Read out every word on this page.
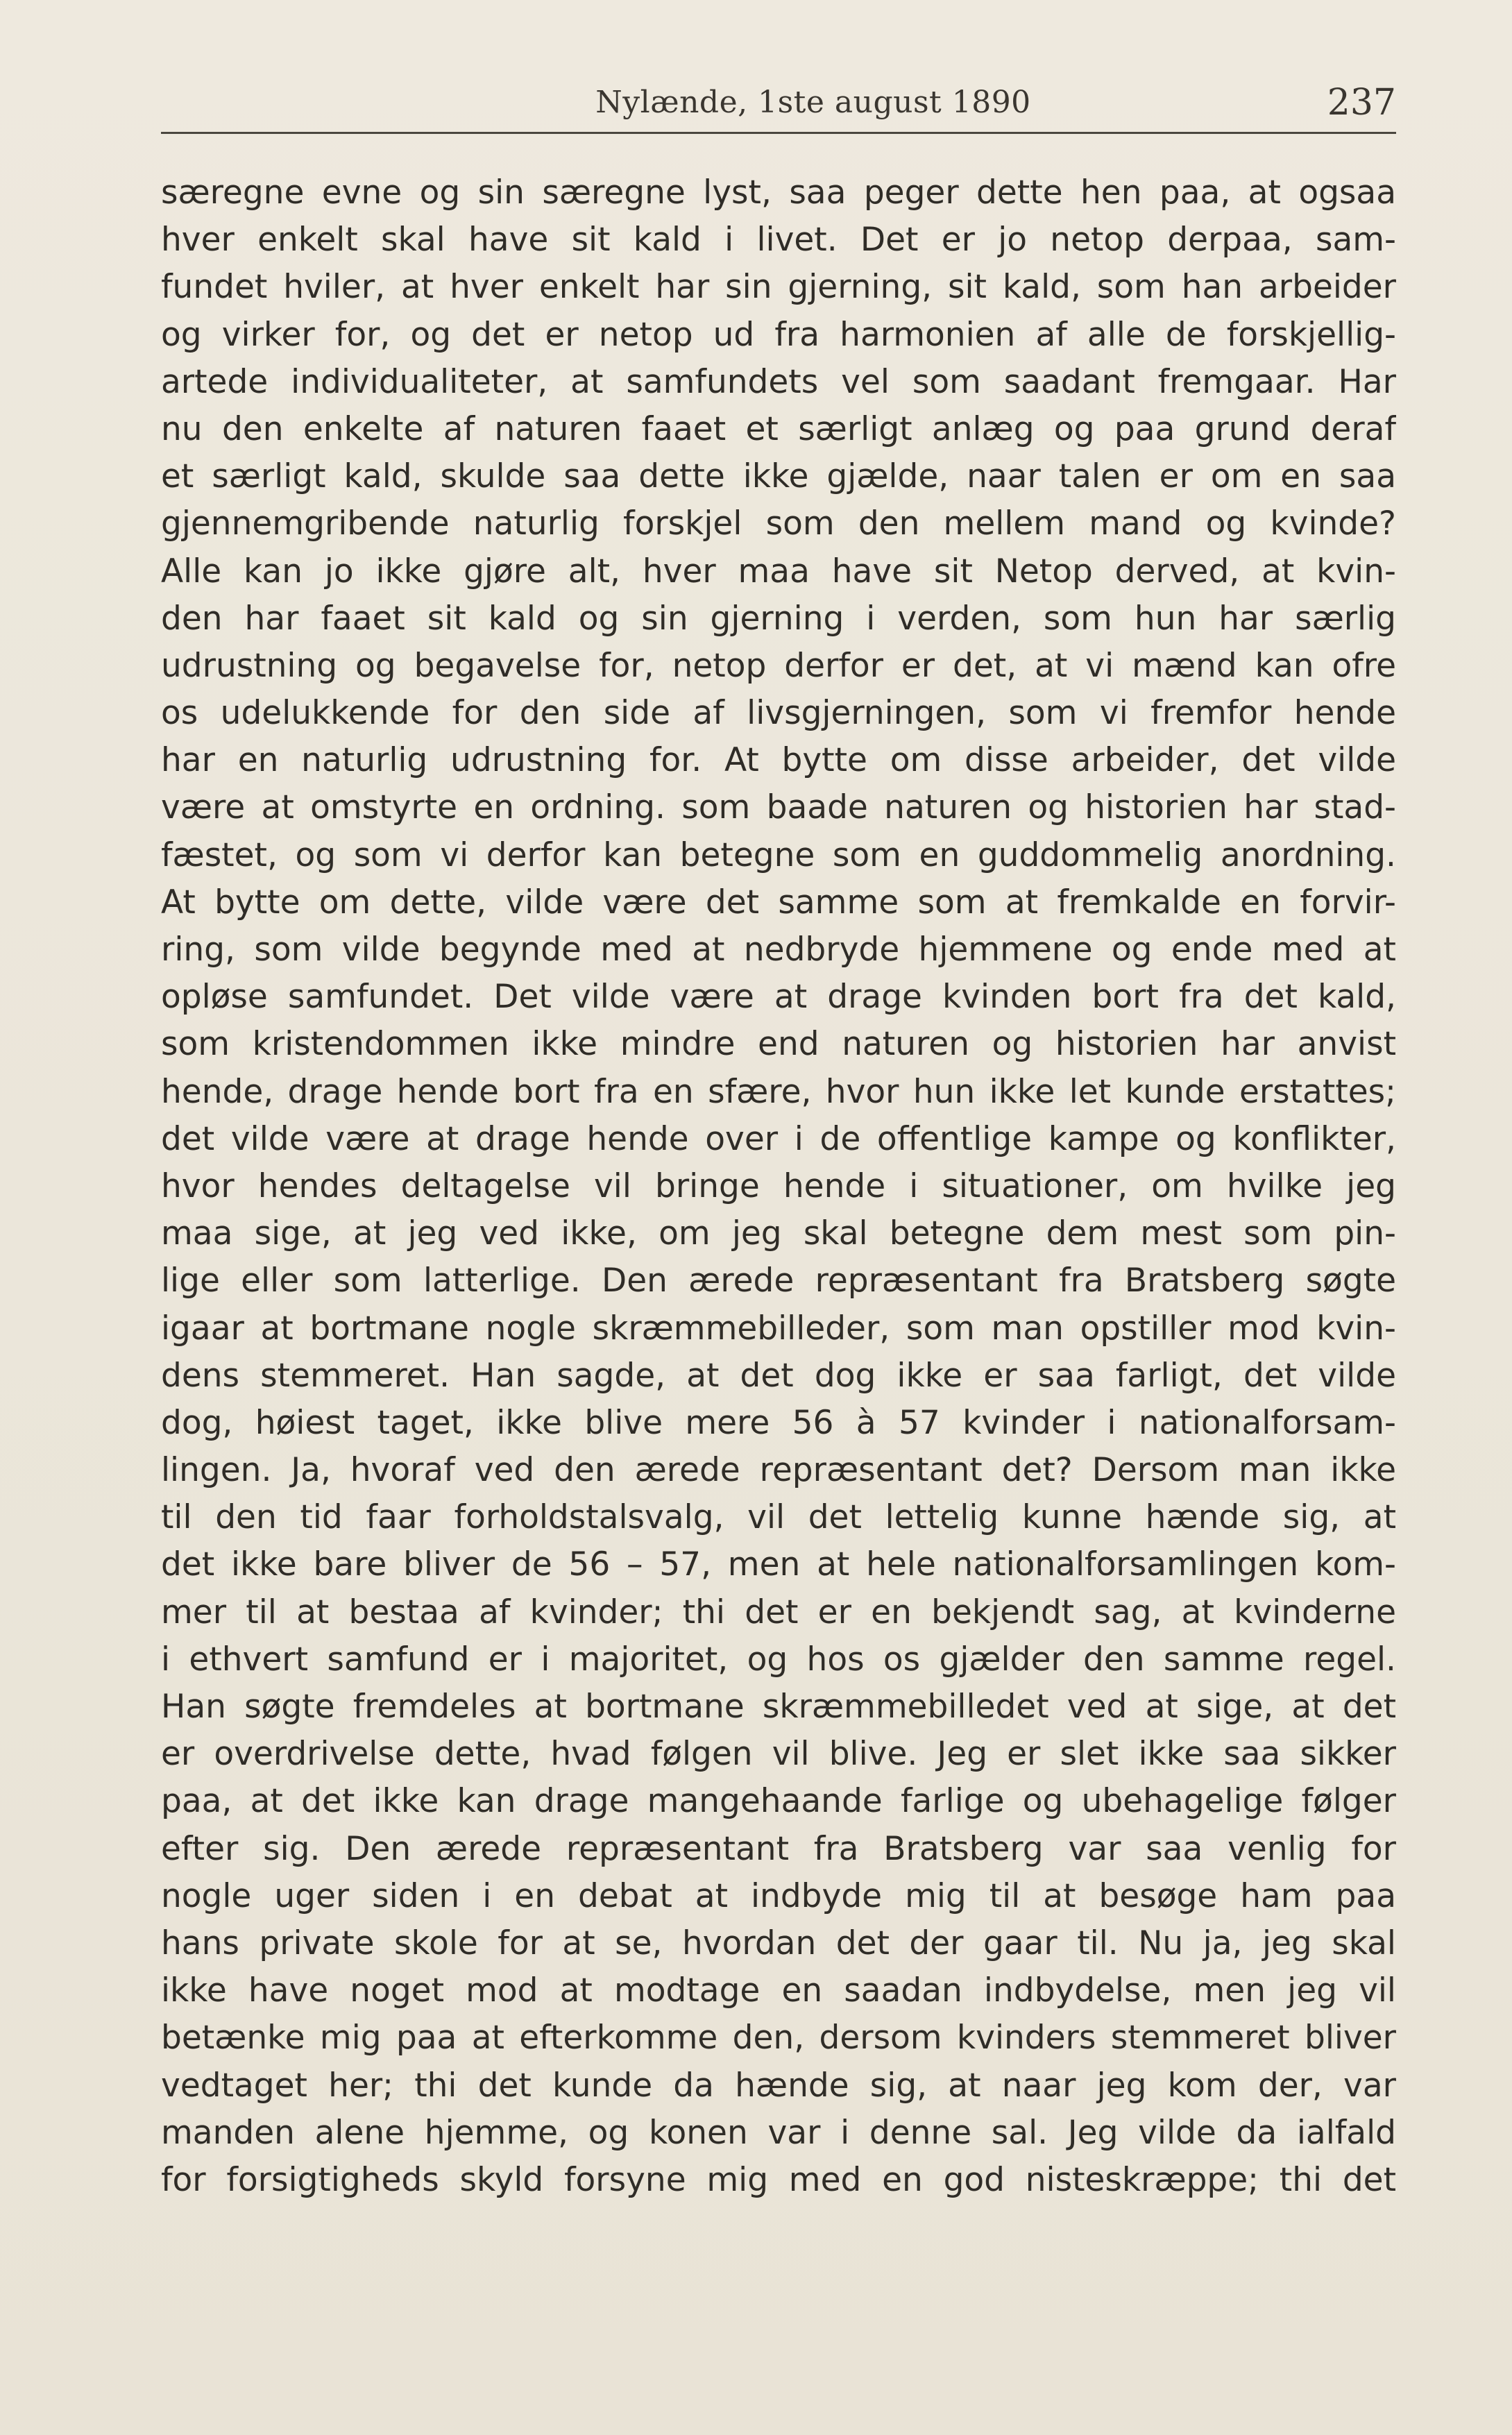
Nylænde, 1ste august 1890	237
særegne evne og sin særegne lyst, saa peger dette hen paa, at ogsaa
hver enkelt skal have sit kald i livet. Det er jo netop derpaa, sam-
fundet hviler, at hver enkelt har sin gjerning, sit kald, som han arbeider
og virker for, og det er netop ud fra harmonien af alle de forskjellig-
artede individualiteter, at samfundets vel som saadant fremgaar. Har
nu den enkelte af naturen faaet et særligt anlæg og paa grund deraf
et særligt kald, skulde saa dette ikke gjælde, naar talen er om en saa
gjennemgribende naturlig forskjel som den mellem mand og kvinde?
Alle kan jo ikke gjøre alt, hver maa have sit Netop derved, at kvin-
den har faaet sit kald og sin gjerning i verden, som hun har særlig
udrustning og begavelse for, netop derfor er det, at vi mænd kan ofre
os udelukkende for den side af livsgjerningen, som vi fremfor hende
har en naturlig udrustning for. At bytte om disse arbeider, det vilde
være at omstyrte en ordning. som baade naturen og historien har stad-
fæstet, og som vi derfor kan betegne som en guddommelig anordning.
At bytte om dette, vilde være det samme som at fremkalde en forvir-
ring, som vilde begynde med at nedbryde hjemmene og ende med at
opløse samfundet. Det vilde være at drage kvinden bort fra det kald,
som kristendommen ikke mindre end naturen og historien har anvist
hende, drage hende bort fra en sfære, hvor hun ikke let kunde erstattes;
det vilde være at drage hende over i de offentlige kampe og konflikter,
hvor hendes deltagelse vil bringe hende i situationer, om hvilke jeg
maa sige, at jeg ved ikke, om jeg skal betegne dem mest som pin-
lige eller som latterlige. Den ærede repræsentant fra Bratsberg søgte
igaar at bortmane nogle skræmmebilleder, som man opstiller mod kvin-
dens stemmeret. Han sagde, at det dog ikke er saa farligt, det vilde
dog, høiest taget, ikke blive mere 56 à 57 kvinder i nationalforsam-
lingen. Ja, hvoraf ved den ærede repræsentant det? Dersom man ikke
til den tid faar forholdstalsvalg, vil det lettelig kunne hænde sig, at
det ikke bare bliver de 56 – 57, men at hele nationalforsamlingen kom-
mer til at bestaa af kvinder; thi det er en bekjendt sag, at kvinderne
i ethvert samfund er i majoritet, og hos os gjælder den samme regel.
Han søgte fremdeles at bortmane skræmmebilledet ved at sige, at det
er overdrivelse dette, hvad følgen vil blive. Jeg er slet ikke saa sikker
paa, at det ikke kan drage mangehaande farlige og ubehagelige følger
efter sig. Den ærede repræsentant fra Bratsberg var saa venlig for
nogle uger siden i en debat at indbyde mig til at besøge ham paa
hans private skole for at se, hvordan det der gaar til. Nu ja, jeg skal
ikke have noget mod at modtage en saadan indbydelse, men jeg vil
betænke mig paa at efterkomme den, dersom kvinders stemmeret bliver
vedtaget her; thi det kunde da hænde sig, at naar jeg kom der, var
manden alene hjemme, og konen var i denne sal. Jeg vilde da ialfald
for forsigtigheds skyld forsyne mig med en god nisteskræppe; thi det
